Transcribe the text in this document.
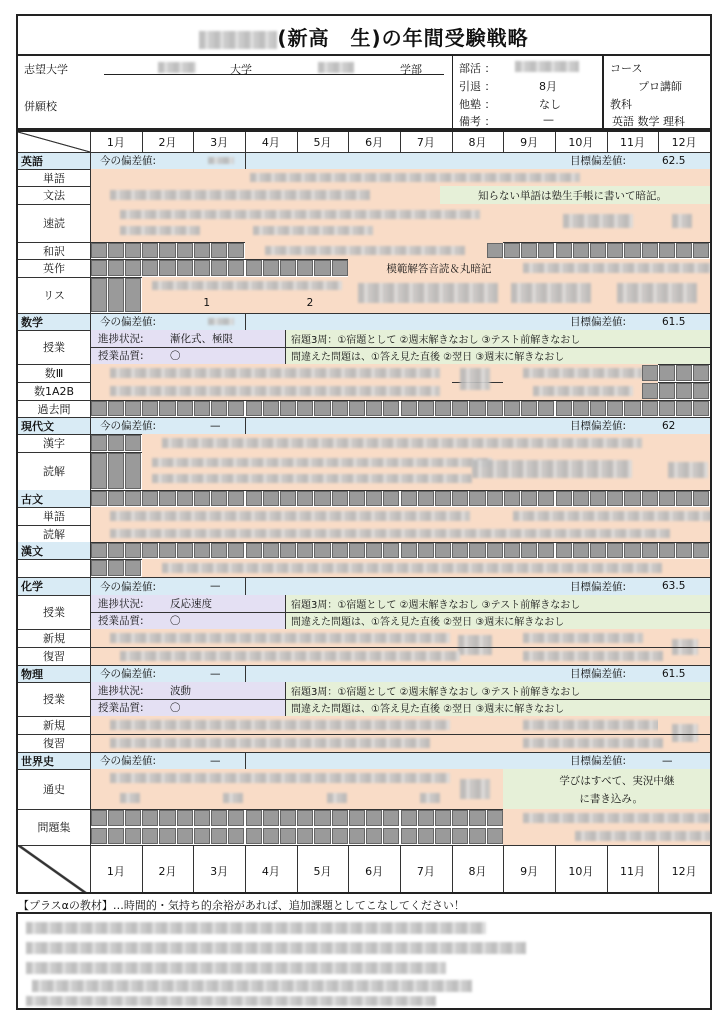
(新高　生)の年間受験戦略
志望大学	大学	学部
併願校
部活 ：
引退 ：	8月
他塾 ：	なし
備考 ：	—
コース
プロ講師
教科
英語 数学 理科
1月	2月	3月	4月	5月	6月	7月	8月	9月	10月	11月	12月
英語	今の偏差値:	目標偏差値:	62.5
単語
文法	知らない単語は塾生手帳に書いて暗記。
速読
和訳
英作	模範解答音読＆丸暗記
リス
1	2
数学	今の偏差値:	目標偏差値:	61.5
授業
進捗状況:	漸化式、極限
授業品質:	〇
宿題3周：①宿題として ②週末解きなおし ③テスト前解きなおし
間違えた問題は、①答え見た直後 ②翌日 ③週末に解きなおし
数Ⅲ
数1A2B
過去問
現代文	今の偏差値:	—	目標偏差値:	62
漢字
読解
古文
単語
読解
漢文
化学	今の偏差値:	—	目標偏差値:	63.5
授業
進捗状況:	反応速度
授業品質:	〇
宿題3周：①宿題として ②週末解きなおし ③テスト前解きなおし
間違えた問題は、①答え見た直後 ②翌日 ③週末に解きなおし
新規
復習
物理	今の偏差値:	—	目標偏差値:	61.5
授業
進捗状況:	波動
授業品質:	〇
宿題3周：①宿題として ②週末解きなおし ③テスト前解きなおし
間違えた問題は、①答え見た直後 ②翌日 ③週末に解きなおし
新規
復習
世界史	今の偏差値:	—	目標偏差値:	—
通史
学びはすべて、実況中継
に書き込み。
問題集
1月	2月	3月	4月	5月	6月	7月	8月	9月	10月	11月	12月
【プラスαの教材】…時間的・気持ち的余裕があれば、追加課題としてこなしてください！
